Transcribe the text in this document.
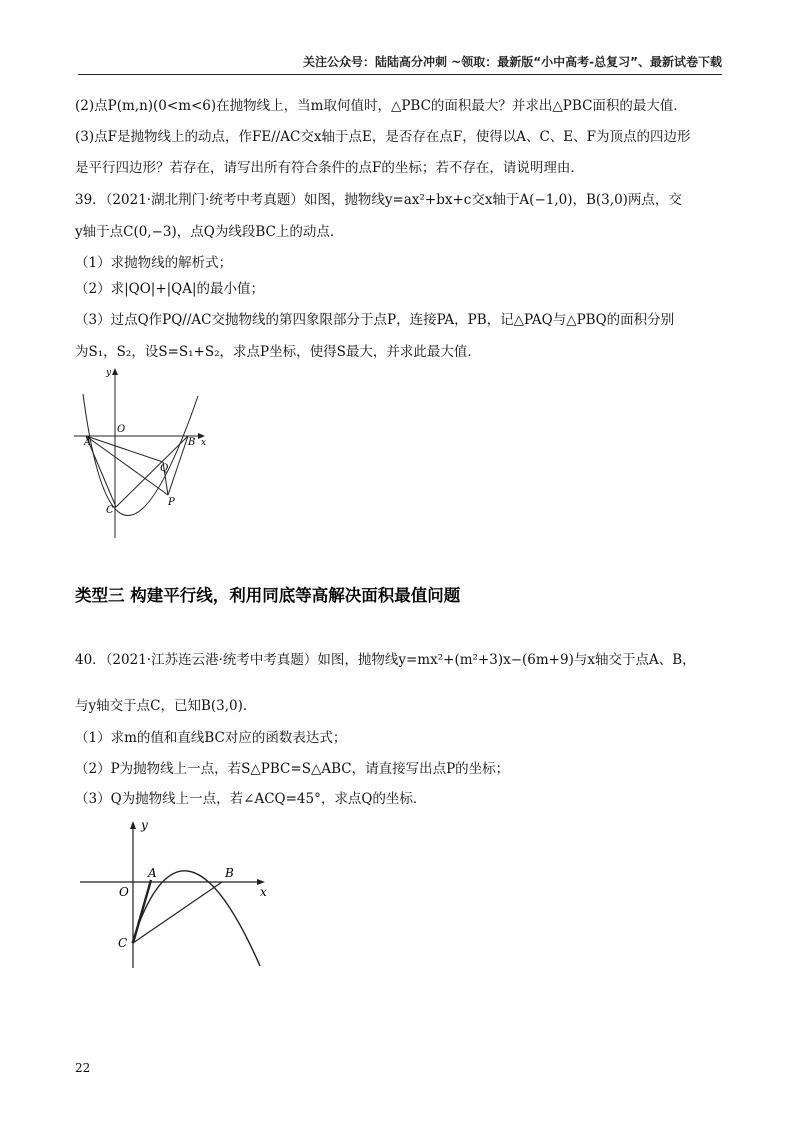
关注公众号：陆陆高分冲刺 ~领取：最新版“小中高考-总复习”、最新试卷下载
(2)点P(m,n)(0<m<6)在抛物线上，当m取何值时，△PBC的面积最大？并求出△PBC面积的最大值．
(3)点F是抛物线上的动点，作FE//AC交x轴于点E，是否存在点F，使得以A、C、E、F为顶点的四边形
是平行四边形？若存在，请写出所有符合条件的点F的坐标；若不存在，请说明理由．
39．（2021·湖北荆门·统考中考真题）如图，抛物线y=ax²+bx+c交x轴于A(−1,0)，B(3,0)两点，交
y轴于点C(0,−3)，点Q为线段BC上的动点．
（1）求抛物线的解析式；
（2）求|QO|+|QA|的最小值；
（3）过点Q作PQ//AC交抛物线的第四象限部分于点P，连接PA，PB，记△PAQ与△PBQ的面积分别
为S₁，S₂，设S=S₁+S₂，求点P坐标，使得S最大，并求此最大值．
y
x
O
A	B
Q
P
C
类型三 构建平行线，利用同底等高解决面积最值问题
40．（2021·江苏连云港·统考中考真题）如图，抛物线y=mx²+(m²+3)x−(6m+9)与x轴交于点A、B，
与y轴交于点C，已知B(3,0)．
（1）求m的值和直线BC对应的函数表达式；
（2）P为抛物线上一点，若S△PBC=S△ABC，请直接写出点P的坐标；
（3）Q为抛物线上一点，若∠ACQ=45°，求点Q的坐标．
y
x
O
A	B
C
22
